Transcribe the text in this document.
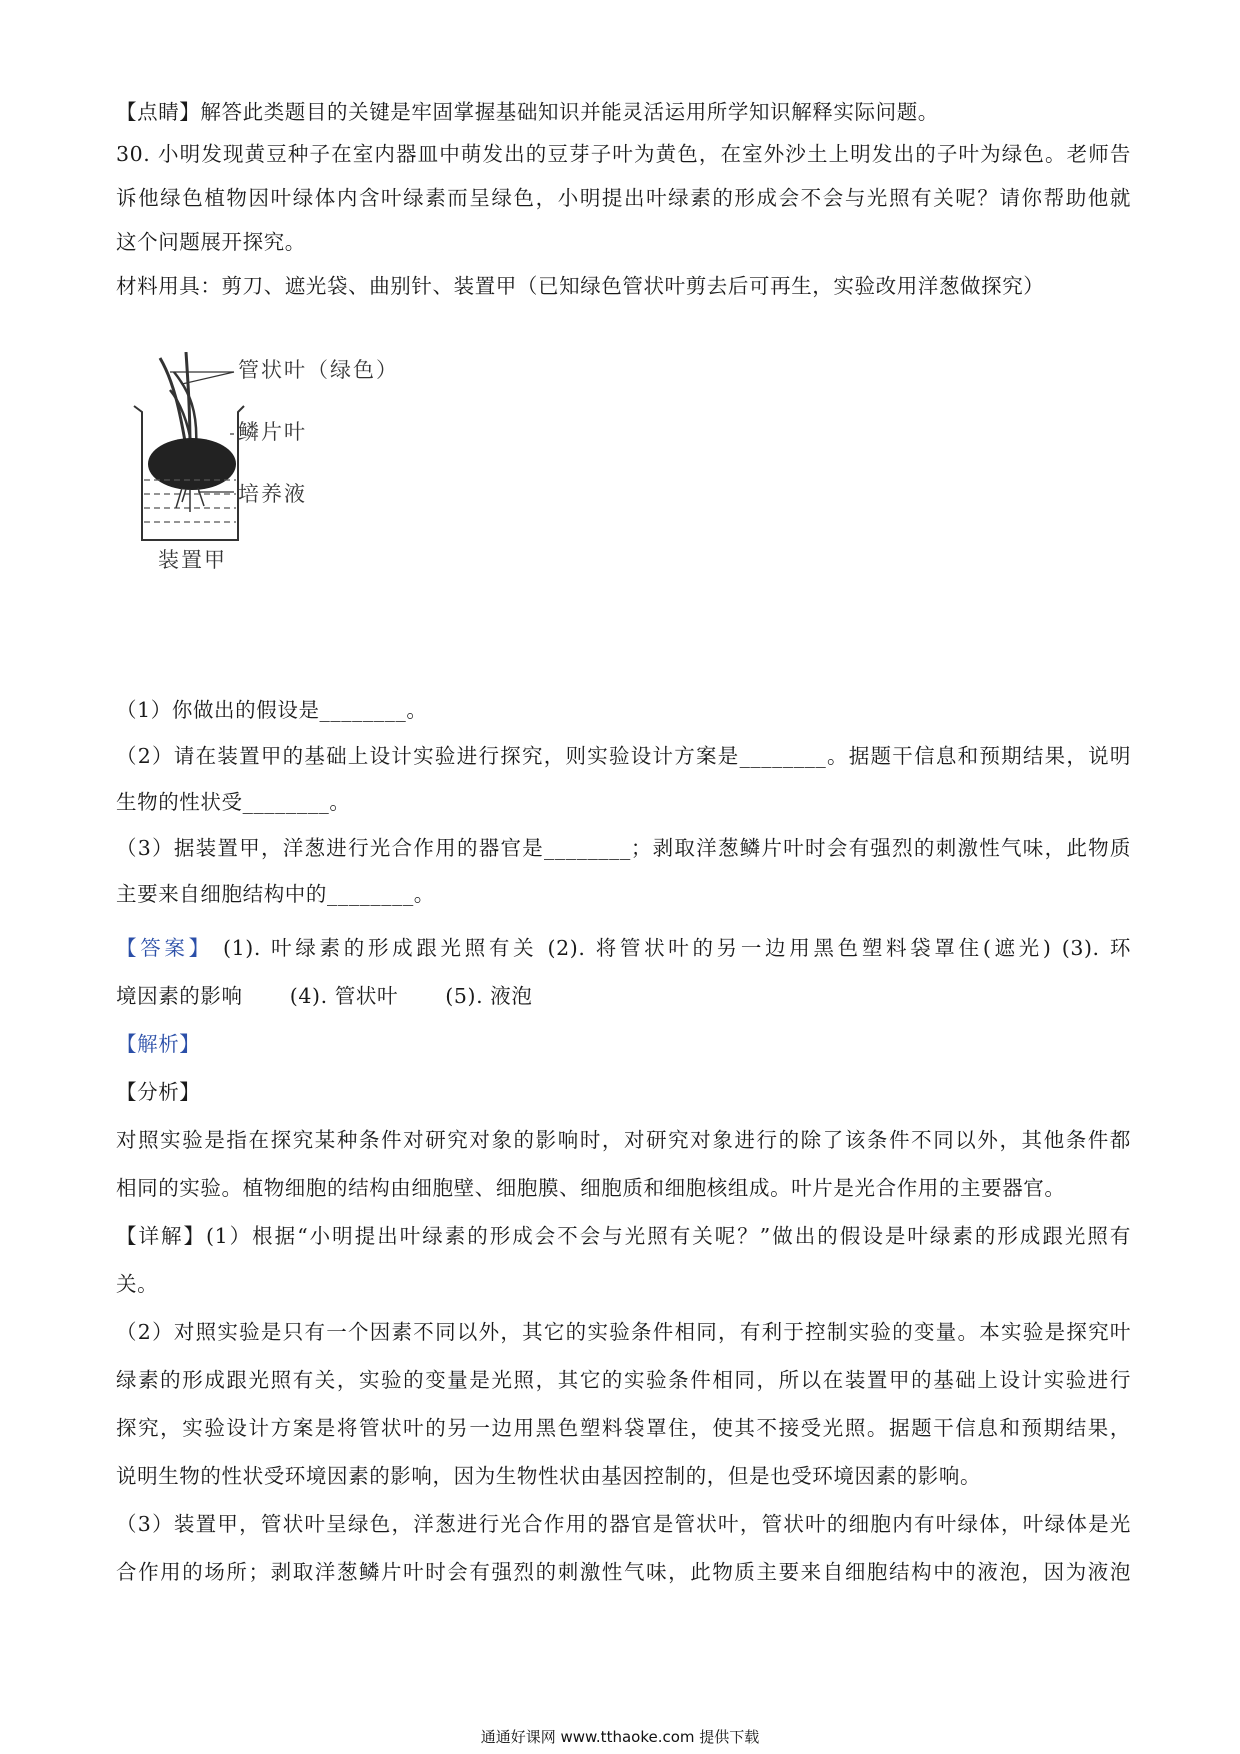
【点睛】解答此类题目的关键是牢固掌握基础知识并能灵活运用所学知识解释实际问题。
30. 小明发现黄豆种子在室内器皿中萌发出的豆芽子叶为黄色，在室外沙土上明发出的子叶为绿色。老师告
诉他绿色植物因叶绿体内含叶绿素而呈绿色，小明提出叶绿素的形成会不会与光照有关呢？请你帮助他就
这个问题展开探究。
材料用具：剪刀、遮光袋、曲别针、装置甲（已知绿色管状叶剪去后可再生，实验改用洋葱做探究）
管状叶（绿色）
鳞片叶
培养液
装置甲
（1）你做出的假设是________。
（2）请在装置甲的基础上设计实验进行探究，则实验设计方案是________。据题干信息和预期结果，说明
生物的性状受________。
（3）据装置甲，洋葱进行光合作用的器官是________；剥取洋葱鳞片叶时会有强烈的刺激性气味，此物质
主要来自细胞结构中的________。
【答案】 (1). 叶绿素的形成跟光照有关 (2). 将管状叶的另一边用黑色塑料袋罩住(遮光) (3). 环
境因素的影响 (4). 管状叶 (5). 液泡
【解析】
【分析】
对照实验是指在探究某种条件对研究对象的影响时，对研究对象进行的除了该条件不同以外，其他条件都
相同的实验。植物细胞的结构由细胞壁、细胞膜、细胞质和细胞核组成。叶片是光合作用的主要器官。
【详解】(1）根据“小明提出叶绿素的形成会不会与光照有关呢？”做出的假设是叶绿素的形成跟光照有
关。
（2）对照实验是只有一个因素不同以外，其它的实验条件相同，有利于控制实验的变量。本实验是探究叶
绿素的形成跟光照有关，实验的变量是光照，其它的实验条件相同，所以在装置甲的基础上设计实验进行
探究，实验设计方案是将管状叶的另一边用黑色塑料袋罩住，使其不接受光照。据题干信息和预期结果，
说明生物的性状受环境因素的影响，因为生物性状由基因控制的，但是也受环境因素的影响。
（3）装置甲，管状叶呈绿色，洋葱进行光合作用的器官是管状叶，管状叶的细胞内有叶绿体，叶绿体是光
合作用的场所；剥取洋葱鳞片叶时会有强烈的刺激性气味，此物质主要来自细胞结构中的液泡，因为液泡
通通好课网 www.tthaoke.com 提供下载
